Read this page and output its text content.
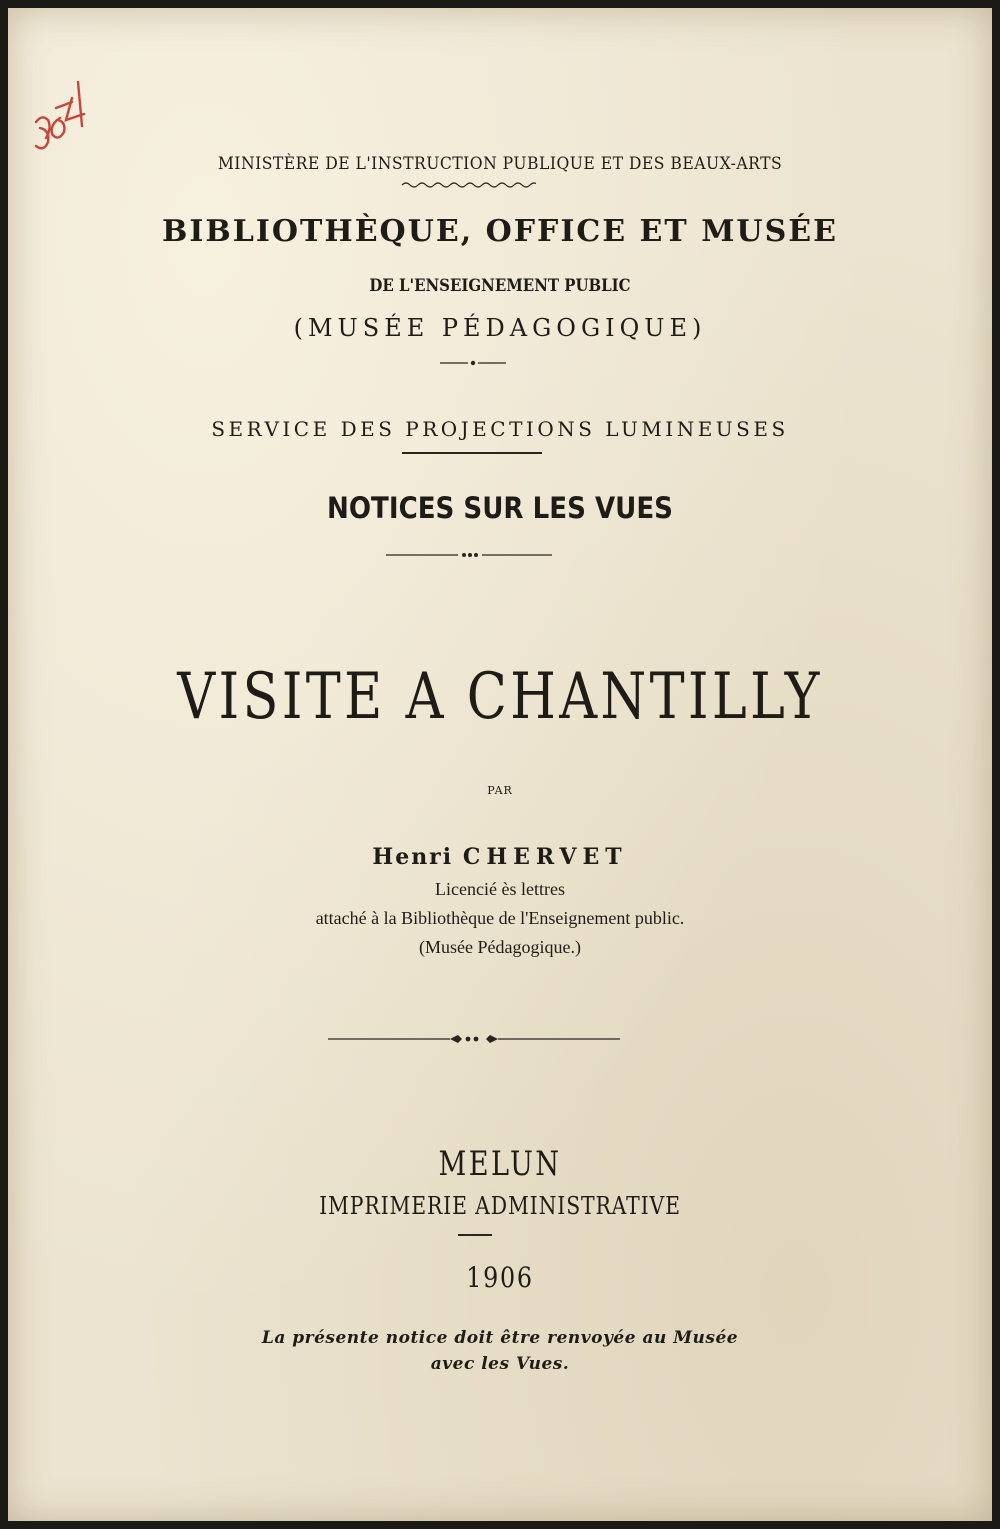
MINISTÈRE DE L'INSTRUCTION PUBLIQUE ET DES BEAUX-ARTS
BIBLIOTHÈQUE, OFFICE ET MUSÉE
DE L'ENSEIGNEMENT PUBLIC
(MUSÉE PÉDAGOGIQUE)
SERVICE DES PROJECTIONS LUMINEUSES
NOTICES SUR LES VUES
VISITE A CHANTILLY
PAR
Henri CHERVET
Licencié ès lettres
attaché à la Bibliothèque de l'Enseignement public.
(Musée Pédagogique.)
MELUN
IMPRIMERIE ADMINISTRATIVE
1906
La présente notice doit être renvoyée au Musée
avec les Vues.
